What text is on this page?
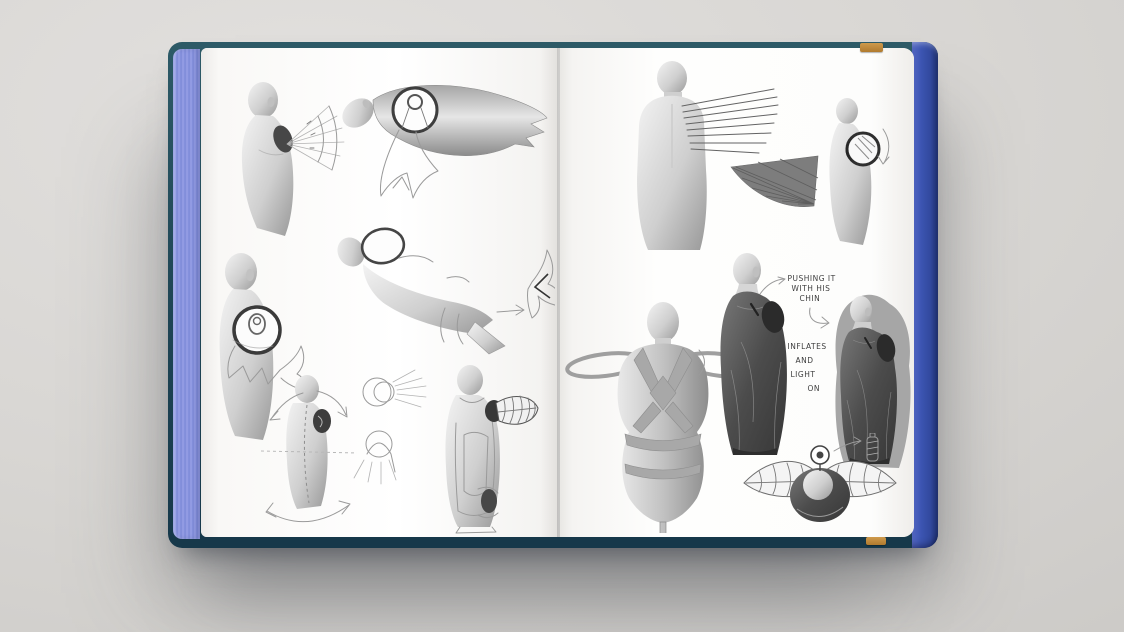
PUSHING IT
WITH HIS
CHIN
INFLATES
AND
LIGHT
ON
